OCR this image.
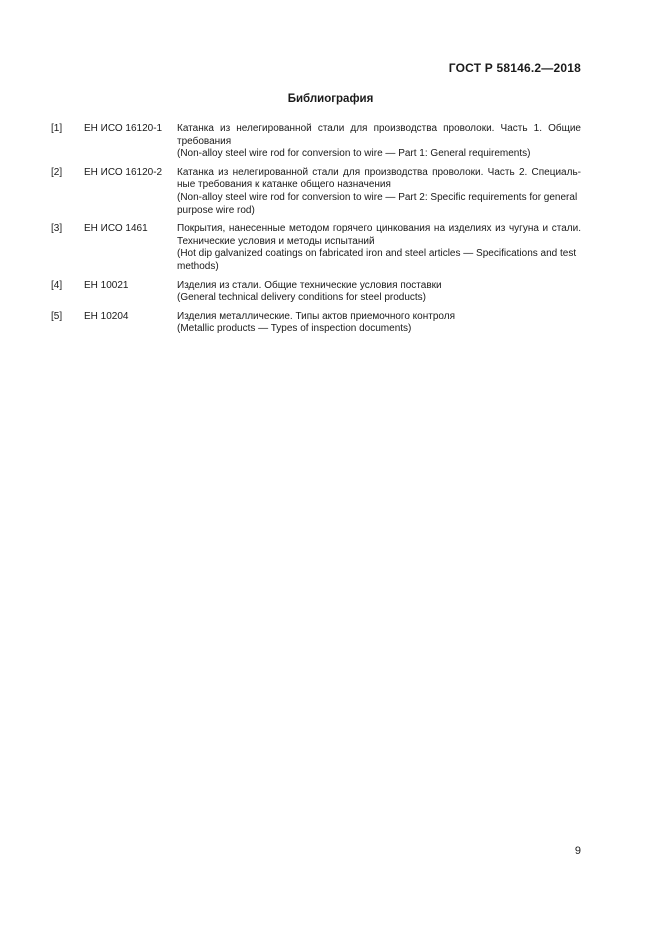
ГОСТ Р 58146.2—2018
Библиография
[1]	ЕН ИСО 16120-1	Катанка из нелегированной стали для производства проволоки. Часть 1. Общие требования
(Non-alloy steel wire rod for conversion to wire — Part 1: General requirements)
[2]	ЕН ИСО 16120-2	Катанка из нелегированной стали для производства проволоки. Часть 2. Специаль-ные требования к катанке общего назначения
(Non-alloy steel wire rod for conversion to wire — Part 2: Specific requirements for general purpose wire rod)
[3]	ЕН ИСО 1461	Покрытия, нанесенные методом горячего цинкования на изделиях из чугуна и стали. Технические условия и методы испытаний
(Hot dip galvanized coatings on fabricated iron and steel articles — Specifications and test methods)
[4]	ЕН 10021	Изделия из стали. Общие технические условия поставки
(General technical delivery conditions for steel products)
[5]	ЕН 10204	Изделия металлические. Типы актов приемочного контроля
(Metallic products — Types of inspection documents)
9
